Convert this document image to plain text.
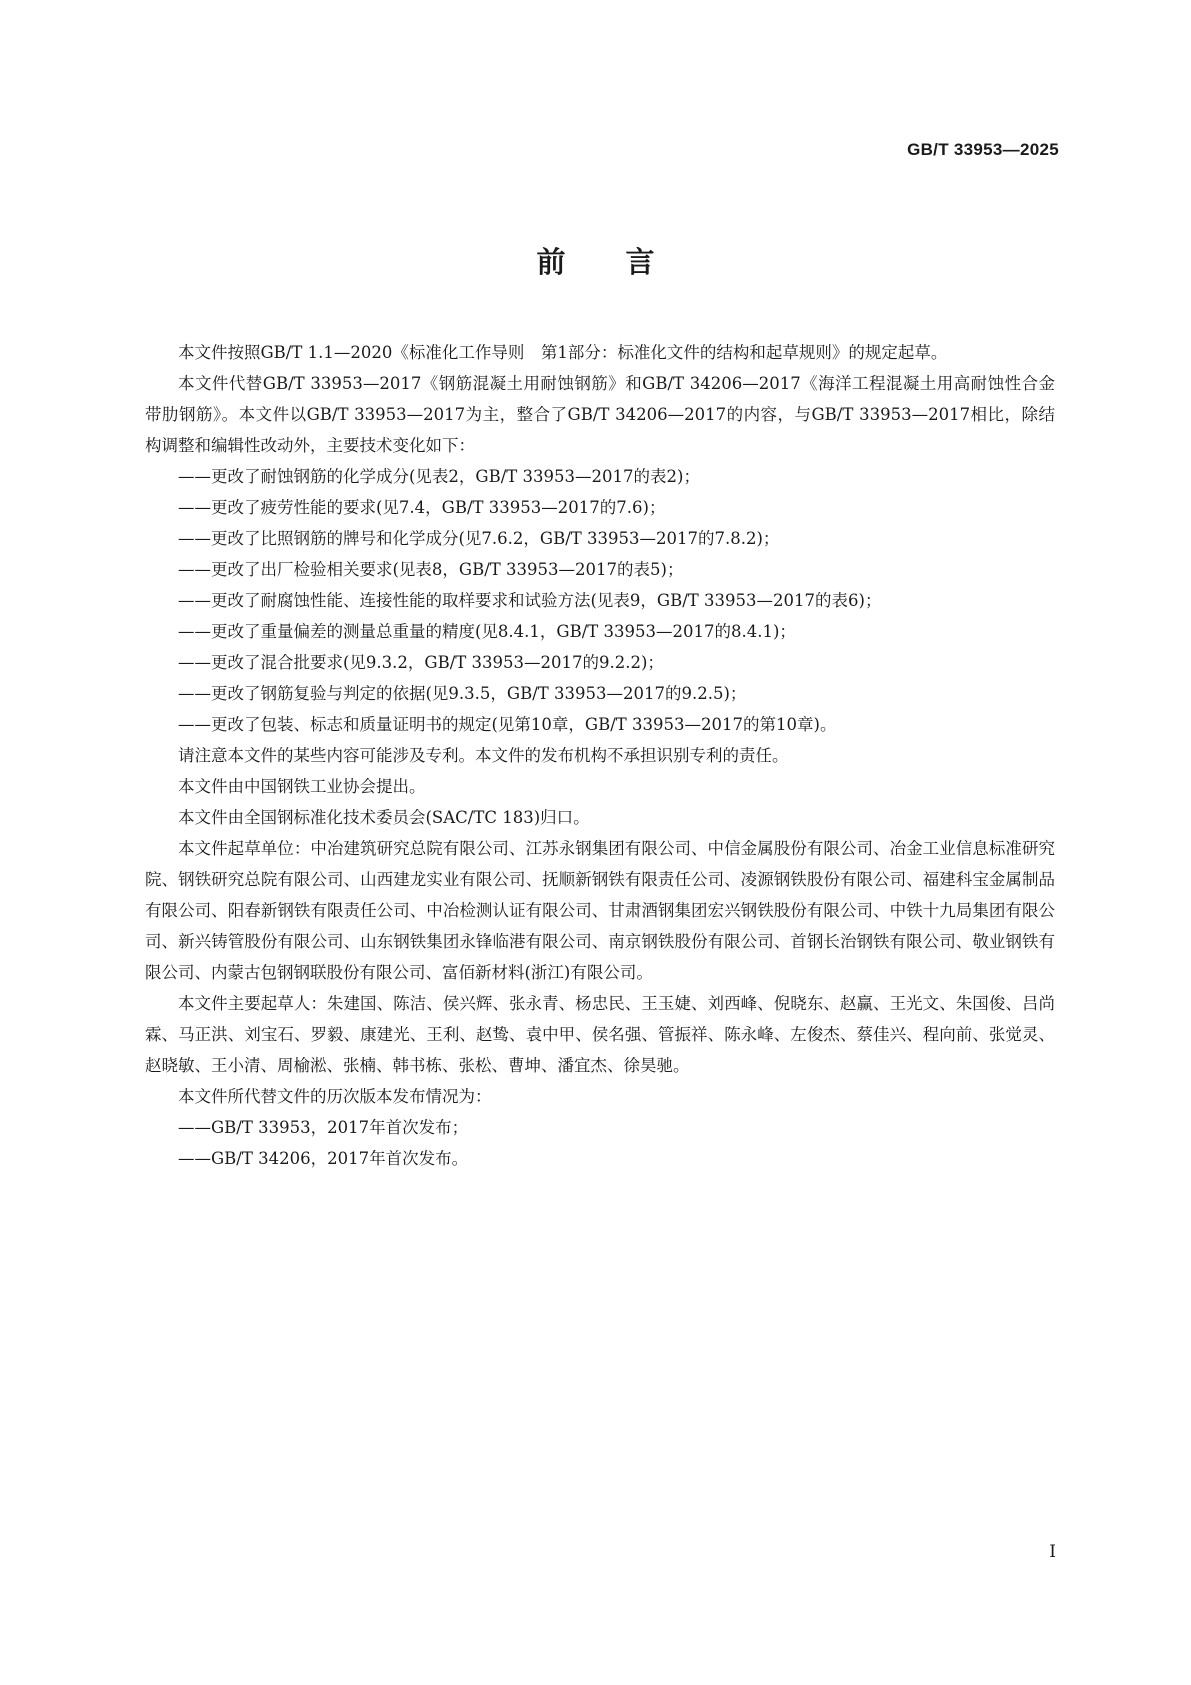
GB/T 33953—2025
前言

本文件按照GB/T 1.1—2020《标准化工作导则　第1部分：标准化文件的结构和起草规则》的规定起草。

本文件代替GB/T 33953—2017《钢筋混凝土用耐蚀钢筋》和GB/T 34206—2017《海洋工程混凝土用高耐蚀性合金带肋钢筋》。本文件以GB/T 33953—2017为主，整合了GB/T 34206—2017的内容，与GB/T 33953—2017相比，除结构调整和编辑性改动外，主要技术变化如下：

——更改了耐蚀钢筋的化学成分(见表2，GB/T 33953—2017的表2)；
——更改了疲劳性能的要求(见7.4，GB/T 33953—2017的7.6)；
——更改了比照钢筋的牌号和化学成分(见7.6.2，GB/T 33953—2017的7.8.2)；
——更改了出厂检验相关要求(见表8，GB/T 33953—2017的表5)；
——更改了耐腐蚀性能、连接性能的取样要求和试验方法(见表9，GB/T 33953—2017的表6)；
——更改了重量偏差的测量总重量的精度(见8.4.1，GB/T 33953—2017的8.4.1)；
——更改了混合批要求(见9.3.2，GB/T 33953—2017的9.2.2)；
——更改了钢筋复验与判定的依据(见9.3.5，GB/T 33953—2017的9.2.5)；
——更改了包装、标志和质量证明书的规定(见第10章，GB/T 33953—2017的第10章)。

请注意本文件的某些内容可能涉及专利。本文件的发布机构不承担识别专利的责任。

本文件由中国钢铁工业协会提出。

本文件由全国钢标准化技术委员会(SAC/TC 183)归口。

本文件起草单位：中冶建筑研究总院有限公司、江苏永钢集团有限公司、中信金属股份有限公司、冶金工业信息标准研究院、钢铁研究总院有限公司、山西建龙实业有限公司、抚顺新钢铁有限责任公司、凌源钢铁股份有限公司、福建科宝金属制品有限公司、阳春新钢铁有限责任公司、中冶检测认证有限公司、甘肃酒钢集团宏兴钢铁股份有限公司、中铁十九局集团有限公司、新兴铸管股份有限公司、山东钢铁集团永锋临港有限公司、南京钢铁股份有限公司、首钢长治钢铁有限公司、敬业钢铁有限公司、内蒙古包钢钢联股份有限公司、富佰新材料(浙江)有限公司。

本文件主要起草人：朱建国、陈洁、侯兴辉、张永青、杨忠民、王玉婕、刘西峰、倪晓东、赵赢、王光文、朱国俊、吕尚霖、马正洪、刘宝石、罗毅、康建光、王利、赵鸷、袁中甲、侯名强、管振祥、陈永峰、左俊杰、蔡佳兴、程向前、张觉灵、赵晓敏、王小清、周榆淞、张楠、韩书栋、张松、曹坤、潘宜杰、徐昊驰。

本文件所代替文件的历次版本发布情况为：

——GB/T 33953，2017年首次发布；
——GB/T 34206，2017年首次发布。
I
